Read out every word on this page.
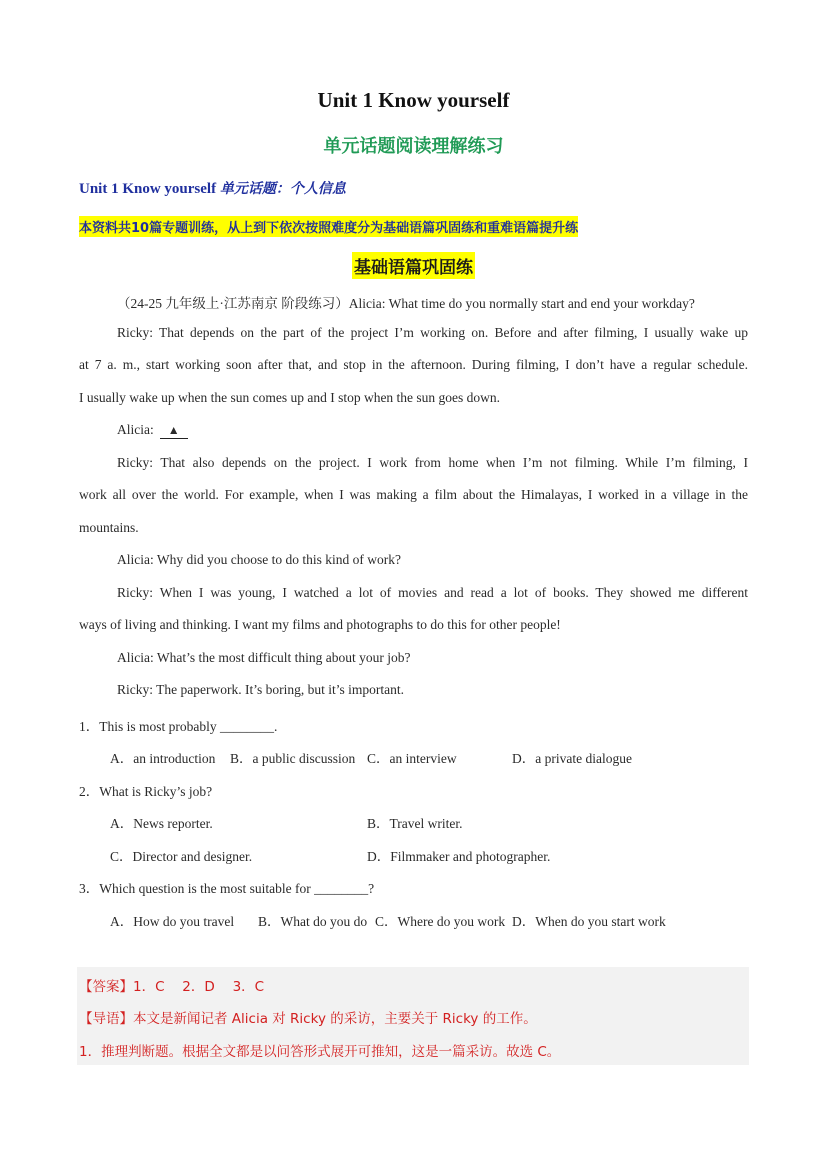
Unit 1 Know yourself
单元话题阅读理解练习
Unit 1 Know yourself 单元话题：个人信息
本资料共10篇专题训练，从上到下依次按照难度分为基础语篇巩固练和重难语篇提升练
基础语篇巩固练
（24-25 九年级上·江苏南京 阶段练习）Alicia: What time do you normally start and end your workday?
Ricky: That depends on the part of the project I’m working on. Before and after filming, I usually wake up
at 7 a. m., start working soon after that, and stop in the afternoon. During filming, I don’t have a regular schedule.
I usually wake up when the sun comes up and I stop when the sun goes down.
Alicia: ▲
Ricky: That also depends on the project. I work from home when I’m not filming. While I’m filming, I
work all over the world. For example, when I was making a film about the Himalayas, I worked in a village in the
mountains.
Alicia: Why did you choose to do this kind of work?
Ricky: When I was young, I watched a lot of movies and read a lot of books. They showed me different
ways of living and thinking. I want my films and photographs to do this for other people!
Alicia: What’s the most difficult thing about your job?
Ricky: The paperwork. It’s boring, but it’s important.
1．This is most probably ________.
A．an introduction B．a public discussion C．an interview	D．a private dialogue
2．What is Ricky’s job?
A．News reporter.	B．Travel writer.
C．Director and designer.	D．Filmmaker and photographer.
3．Which question is the most suitable for ________?
A．How do you travel B．What do you do C．Where do you work D．When do you start work
【答案】1．C　 2．D　 3．C
【导语】本文是新闻记者 Alicia 对 Ricky 的采访，主要关于 Ricky 的工作。
1．推理判断题。根据全文都是以问答形式展开可推知，这是一篇采访。故选 C。
